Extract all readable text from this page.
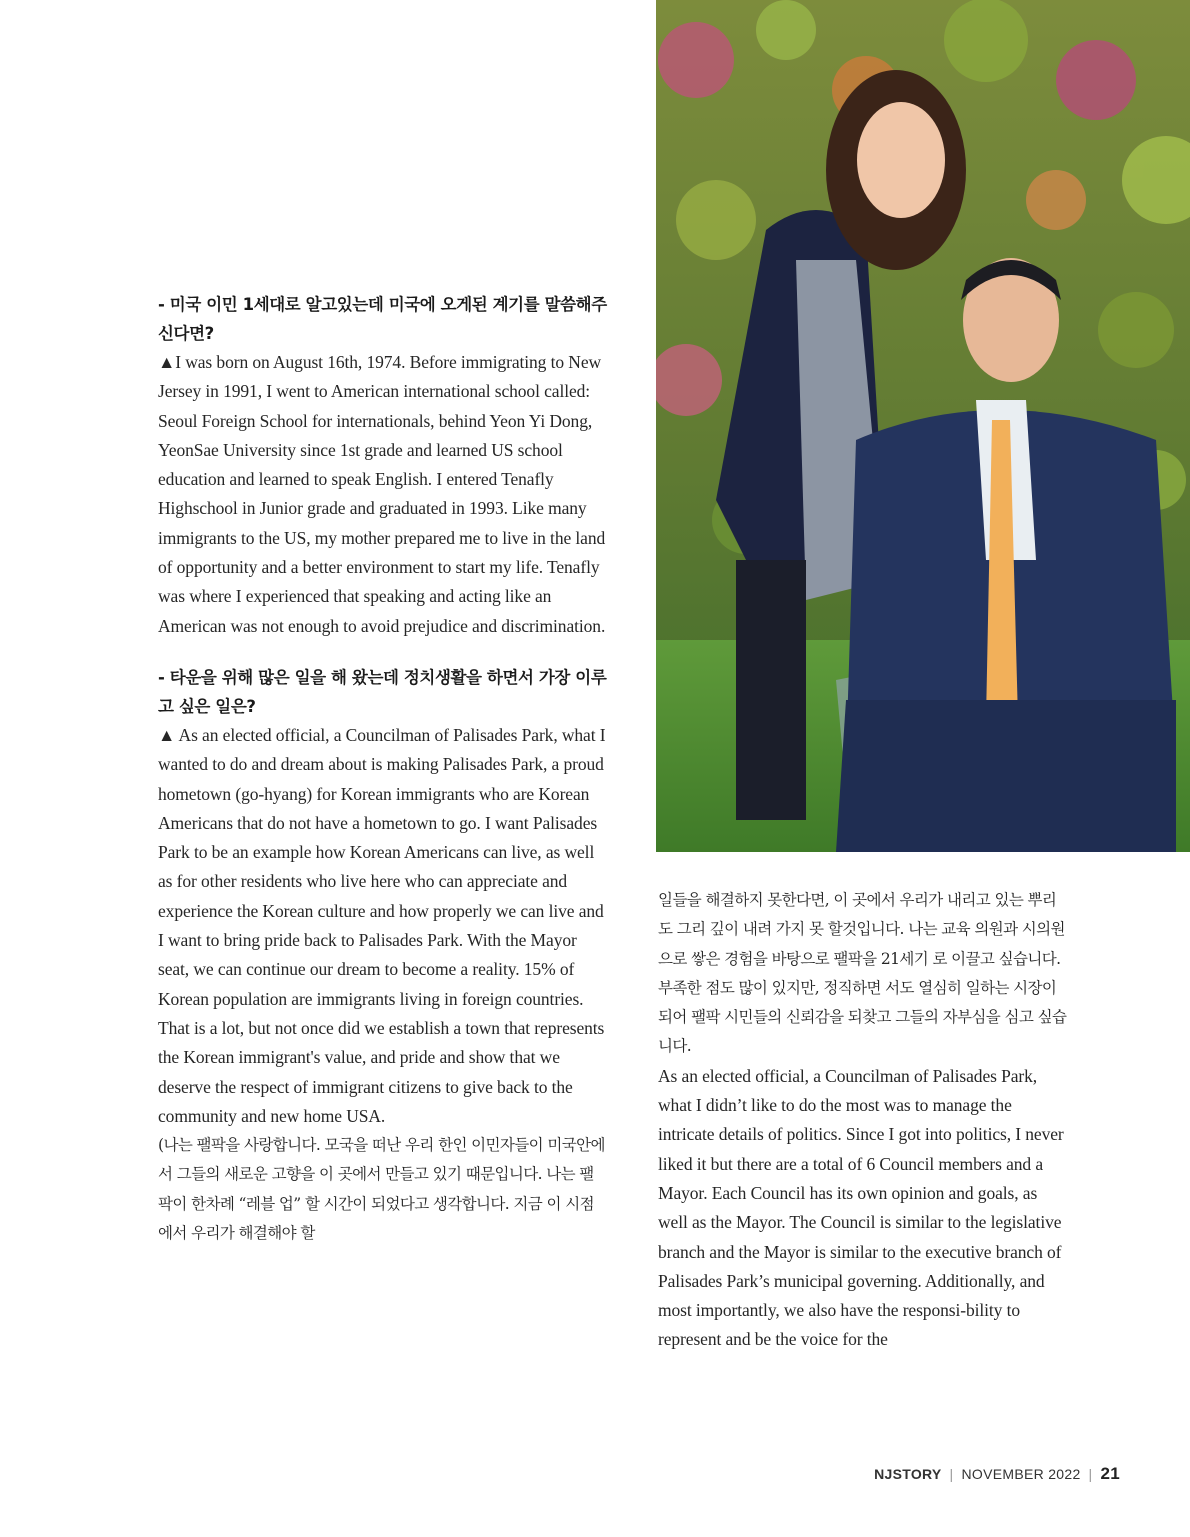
- 미국 이민 1세대로 알고있는데 미국에 오게된 계기를 말씀해주신다면?

▲I was born on August 16th, 1974. Before immigrating to New Jersey in 1991, I went to American international school called: Seoul Foreign School for internationals, behind Yeon Yi Dong, YeonSae University since 1st grade and learned US school education and learned to speak English. I entered Tenafly Highschool in Junior grade and graduated in 1993. Like many immigrants to the US, my mother prepared me to live in the land of opportunity and a better environment to start my life. Tenafly was where I experienced that speaking and acting like an American was not enough to avoid prejudice and discrimination.

- 타운을 위해 많은 일을 해 왔는데 정치생활을 하면서 가장 이루고 싶은 일은?

▲ As an elected official, a Councilman of Palisades Park, what I wanted to do and dream about is making Palisades Park, a proud hometown (go-hyang) for Korean immigrants who are Korean Americans that do not have a hometown to go. I want Palisades Park to be an example how Korean Americans can live, as well as for other residents who live here who can appreciate and experience the Korean culture and how properly we can live and I want to bring pride back to Palisades Park. With the Mayor seat, we can continue our dream to become a reality. 15% of Korean population are immigrants living in foreign countries. That is a lot, but not once did we establish a town that represents the Korean immigrant's value, and pride and show that we deserve the respect of immigrant citizens to give back to the community and new home USA.

(나는 팰팍을 사랑합니다. 모국을 떠난 우리 한인 이민자들이 미국안에서 그들의 새로운 고향을 이 곳에서 만들고 있기 때문입니다. 나는 팰팍이 한차례 “레블 업” 할 시간이 되었다고 생각합니다. 지금 이 시점 에서 우리가 해결해야 할

일들을 해결하지 못한다면, 이 곳에서 우리가 내리고 있는 뿌리도 그리 깊이 내려 가지 못 할것입니다. 나는 교육 의원과 시의원으로 쌓은 경험을 바탕으로 팰팍을 21세기 로 이끌고 싶습니다. 부족한 점도 많이 있지만, 정직하면 서도 열심히 일하는 시장이 되어 팰팍 시민들의 신뢰감을 되찾고 그들의 자부심을 심고 싶습니다.

As an elected official, a Councilman of Palisades Park, what I didn’t like to do the most was to manage the intricate details of politics. Since I got into politics, I never liked it but there are a total of 6 Council members and a Mayor. Each Council has its own opinion and goals, as well as the Mayor. The Council is similar to the legislative branch and the Mayor is similar to the executive branch of Palisades Park’s municipal governing. Additionally, and most importantly, we also have the responsi-bility to represent and be the voice for the

NJSTORY | NOVEMBER 2022 | 21
